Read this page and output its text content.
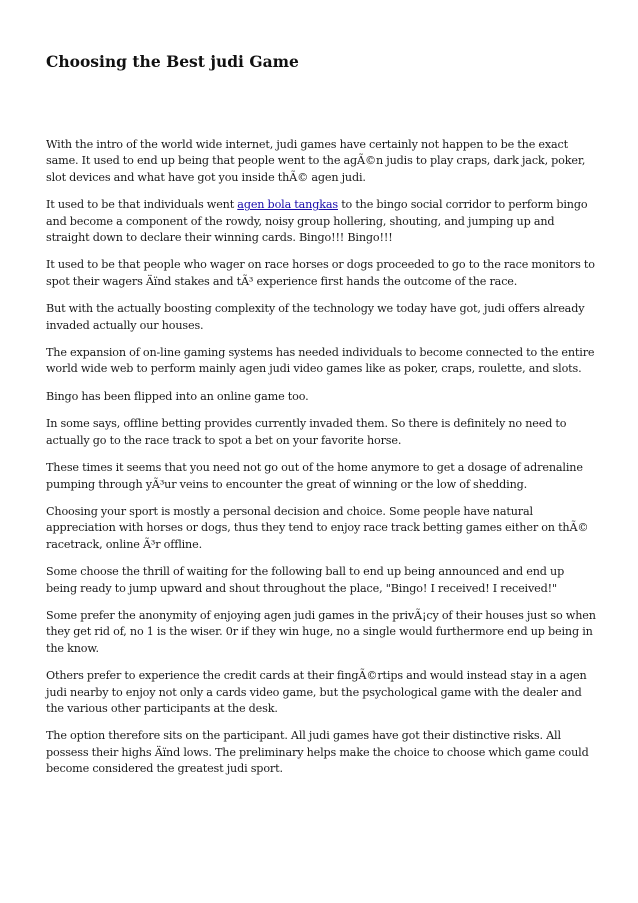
Choosing the Best judi Game

With the intro of the world wide internet, judi games have certainly not happen to be the exact same. It used to end up being that people went to the agÃ©n judis to play craps, dark jack, poker, slot devices and what have got you inside thÃ© agen judi.

It used to be that individuals went agen bola tangkas to the bingo social corridor to perform bingo and become a component of the rowdy, noisy group hollering, shouting, and jumping up and straight down to declare their winning cards. Bingo!!! Bingo!!!

It used to be that people who wager on race horses or dogs proceeded to go to the race monitors to spot their wagers Äïnd stakes and tÃ³ experience first hands the outcome of the race.

But with the actually boosting complexity of the technology we today have got, judi offers already invaded actually our houses.

The expansion of on-line gaming systems has needed individuals to become connected to the entire world wide web to perform mainly agen judi video games like as poker, craps, roulette, and slots.

Bingo has been flipped into an online game too.

In some says, offline betting provides currently invaded them. So there is definitely no need to actually go to the race track to spot a bet on your favorite horse.

These times it seems that you need not go out of the home anymore to get a dosage of adrenaline pumping through yÃ³ur veins to encounter the great of winning or the low of shedding.

Choosing your sport is mostly a personal decision and choice. Some people have natural appreciation with horses or dogs, thus they tend to enjoy race track betting games either on thÃ© racetrack, online Ã³r offline.

Some choose the thrill of waiting for the following ball to end up being announced and end up being ready to jump upward and shout throughout the place, "Bingo! I received! I received!"

Some prefer the anonymity of enjoying agen judi games in the privÃ¡cy of their houses just so when they get rid of, no 1 is the wiser. 0r if they win huge, no a single would furthermore end up being in the know.

Others prefer to experience the credit cards at their fingÃ©rtips and would instead stay in a agen judi nearby to enjoy not only a cards video game, but the psychological game with the dealer and the various other participants at the desk.

The option therefore sits on the participant. All judi games have got their distinctive risks. All possess their highs Äïnd lows. The preliminary helps make the choice to choose which game could become considered the greatest judi sport.
